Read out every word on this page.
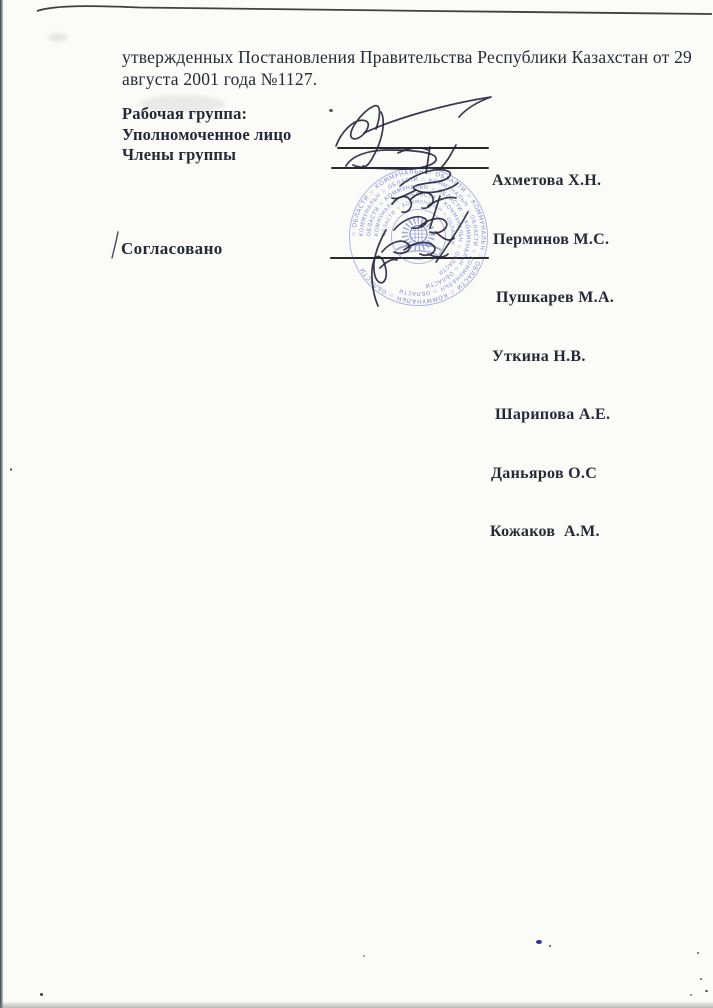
утвержденных Постановления Правительства Республики Казахстан от 29
августа 2001 года №1127.
Рабочая группа:
Уполномоченное лицо
Члены группы
Согласовано

Ахметова Х.Н.

Перминов М.С.

Пушкарев М.А.

Уткина Н.В.

Шарипова А.Е.

Даньяров О.С

Кожаков  А.М.

☆ ОБЛАСТИ ☆ КОММУНАЛЬН ☆ ОБЛАСТИ ☆ КОММУНАЛЬН ☆ ОБЛАСТИ ☆ КОММУНАЛЬН ☆ ОБЛАСТИ
КОММУНАЛЬН ☆ ОБЛАСТИ ☆ КОММУНАЛЬН ☆ ОБЛАСТИ ☆ КОММУНАЛЬН ☆ ОБЛАСТИ
ОБЛАСТИ ☆ КОММУНАЛЬН ☆ ОБЛАСТИ ☆ КОММУНАЛЬН ☆ ОБЛАСТИ
КОММУНАЛЬН ☆ ОБЛАСТИ ☆ КОММУНАЛЬН ☆ ОБЛАСТИ
ОБЛАСТИ ☆ КОММУНАЛЬН ☆ ОБЛАСТИ
